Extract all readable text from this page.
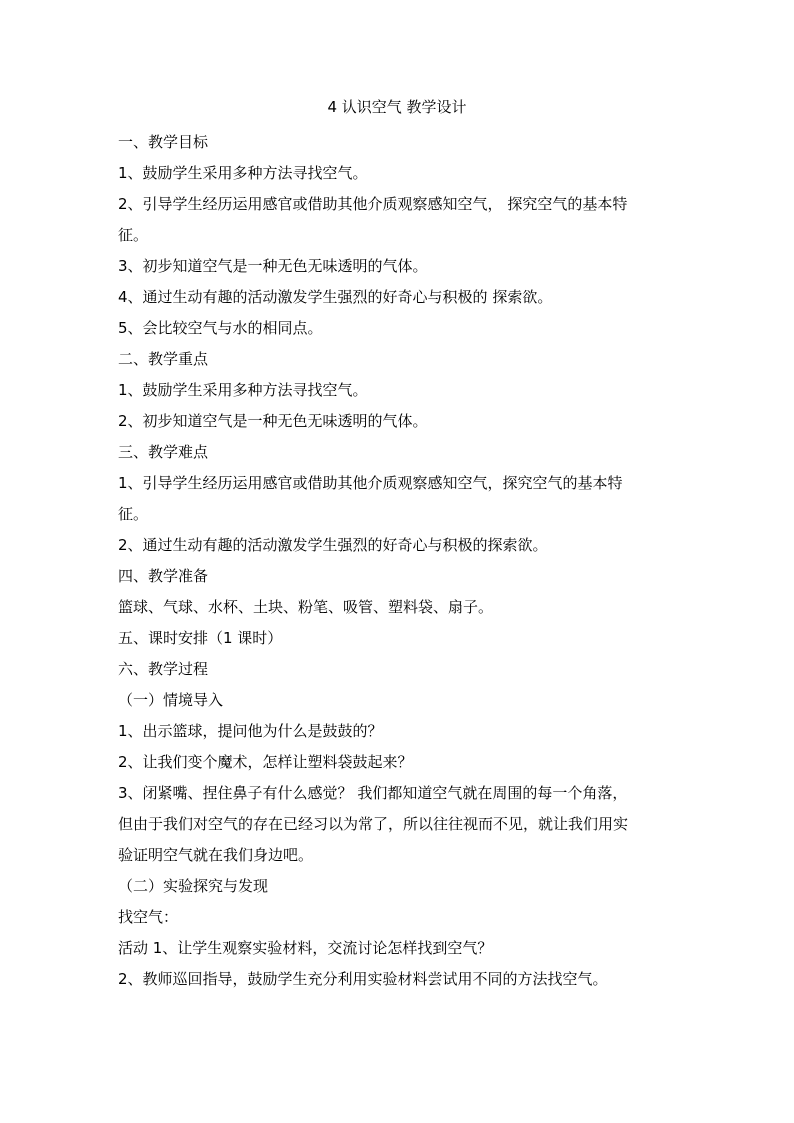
4 认识空气 教学设计
一、教学目标
1、鼓励学生采用多种方法寻找空气。
2、引导学生经历运用感官或借助其他介质观察感知空气， 探究空气的基本特
征。
3、初步知道空气是一种无色无味透明的气体。
4、通过生动有趣的活动激发学生强烈的好奇心与积极的 探索欲。
5、会比较空气与水的相同点。
二、教学重点
1、鼓励学生采用多种方法寻找空气。
2、初步知道空气是一种无色无味透明的气体。
三、教学难点
1、引导学生经历运用感官或借助其他介质观察感知空气，探究空气的基本特
征。
2、通过生动有趣的活动激发学生强烈的好奇心与积极的探索欲。
四、教学准备
篮球、气球、水杯、土块、粉笔、吸管、塑料袋、扇子。
五、课时安排（1 课时）
六、教学过程
（一）情境导入
1、出示篮球，提问他为什么是鼓鼓的？
2、让我们变个魔术，怎样让塑料袋鼓起来？
3、闭紧嘴、捏住鼻子有什么感觉？ 我们都知道空气就在周围的每一个角落，
但由于我们对空气的存在已经习以为常了，所以往往视而不见，就让我们用实
验证明空气就在我们身边吧。
（二）实验探究与发现
找空气：
活动 1、让学生观察实验材料，交流讨论怎样找到空气？
2、教师巡回指导，鼓励学生充分利用实验材料尝试用不同的方法找空气。
